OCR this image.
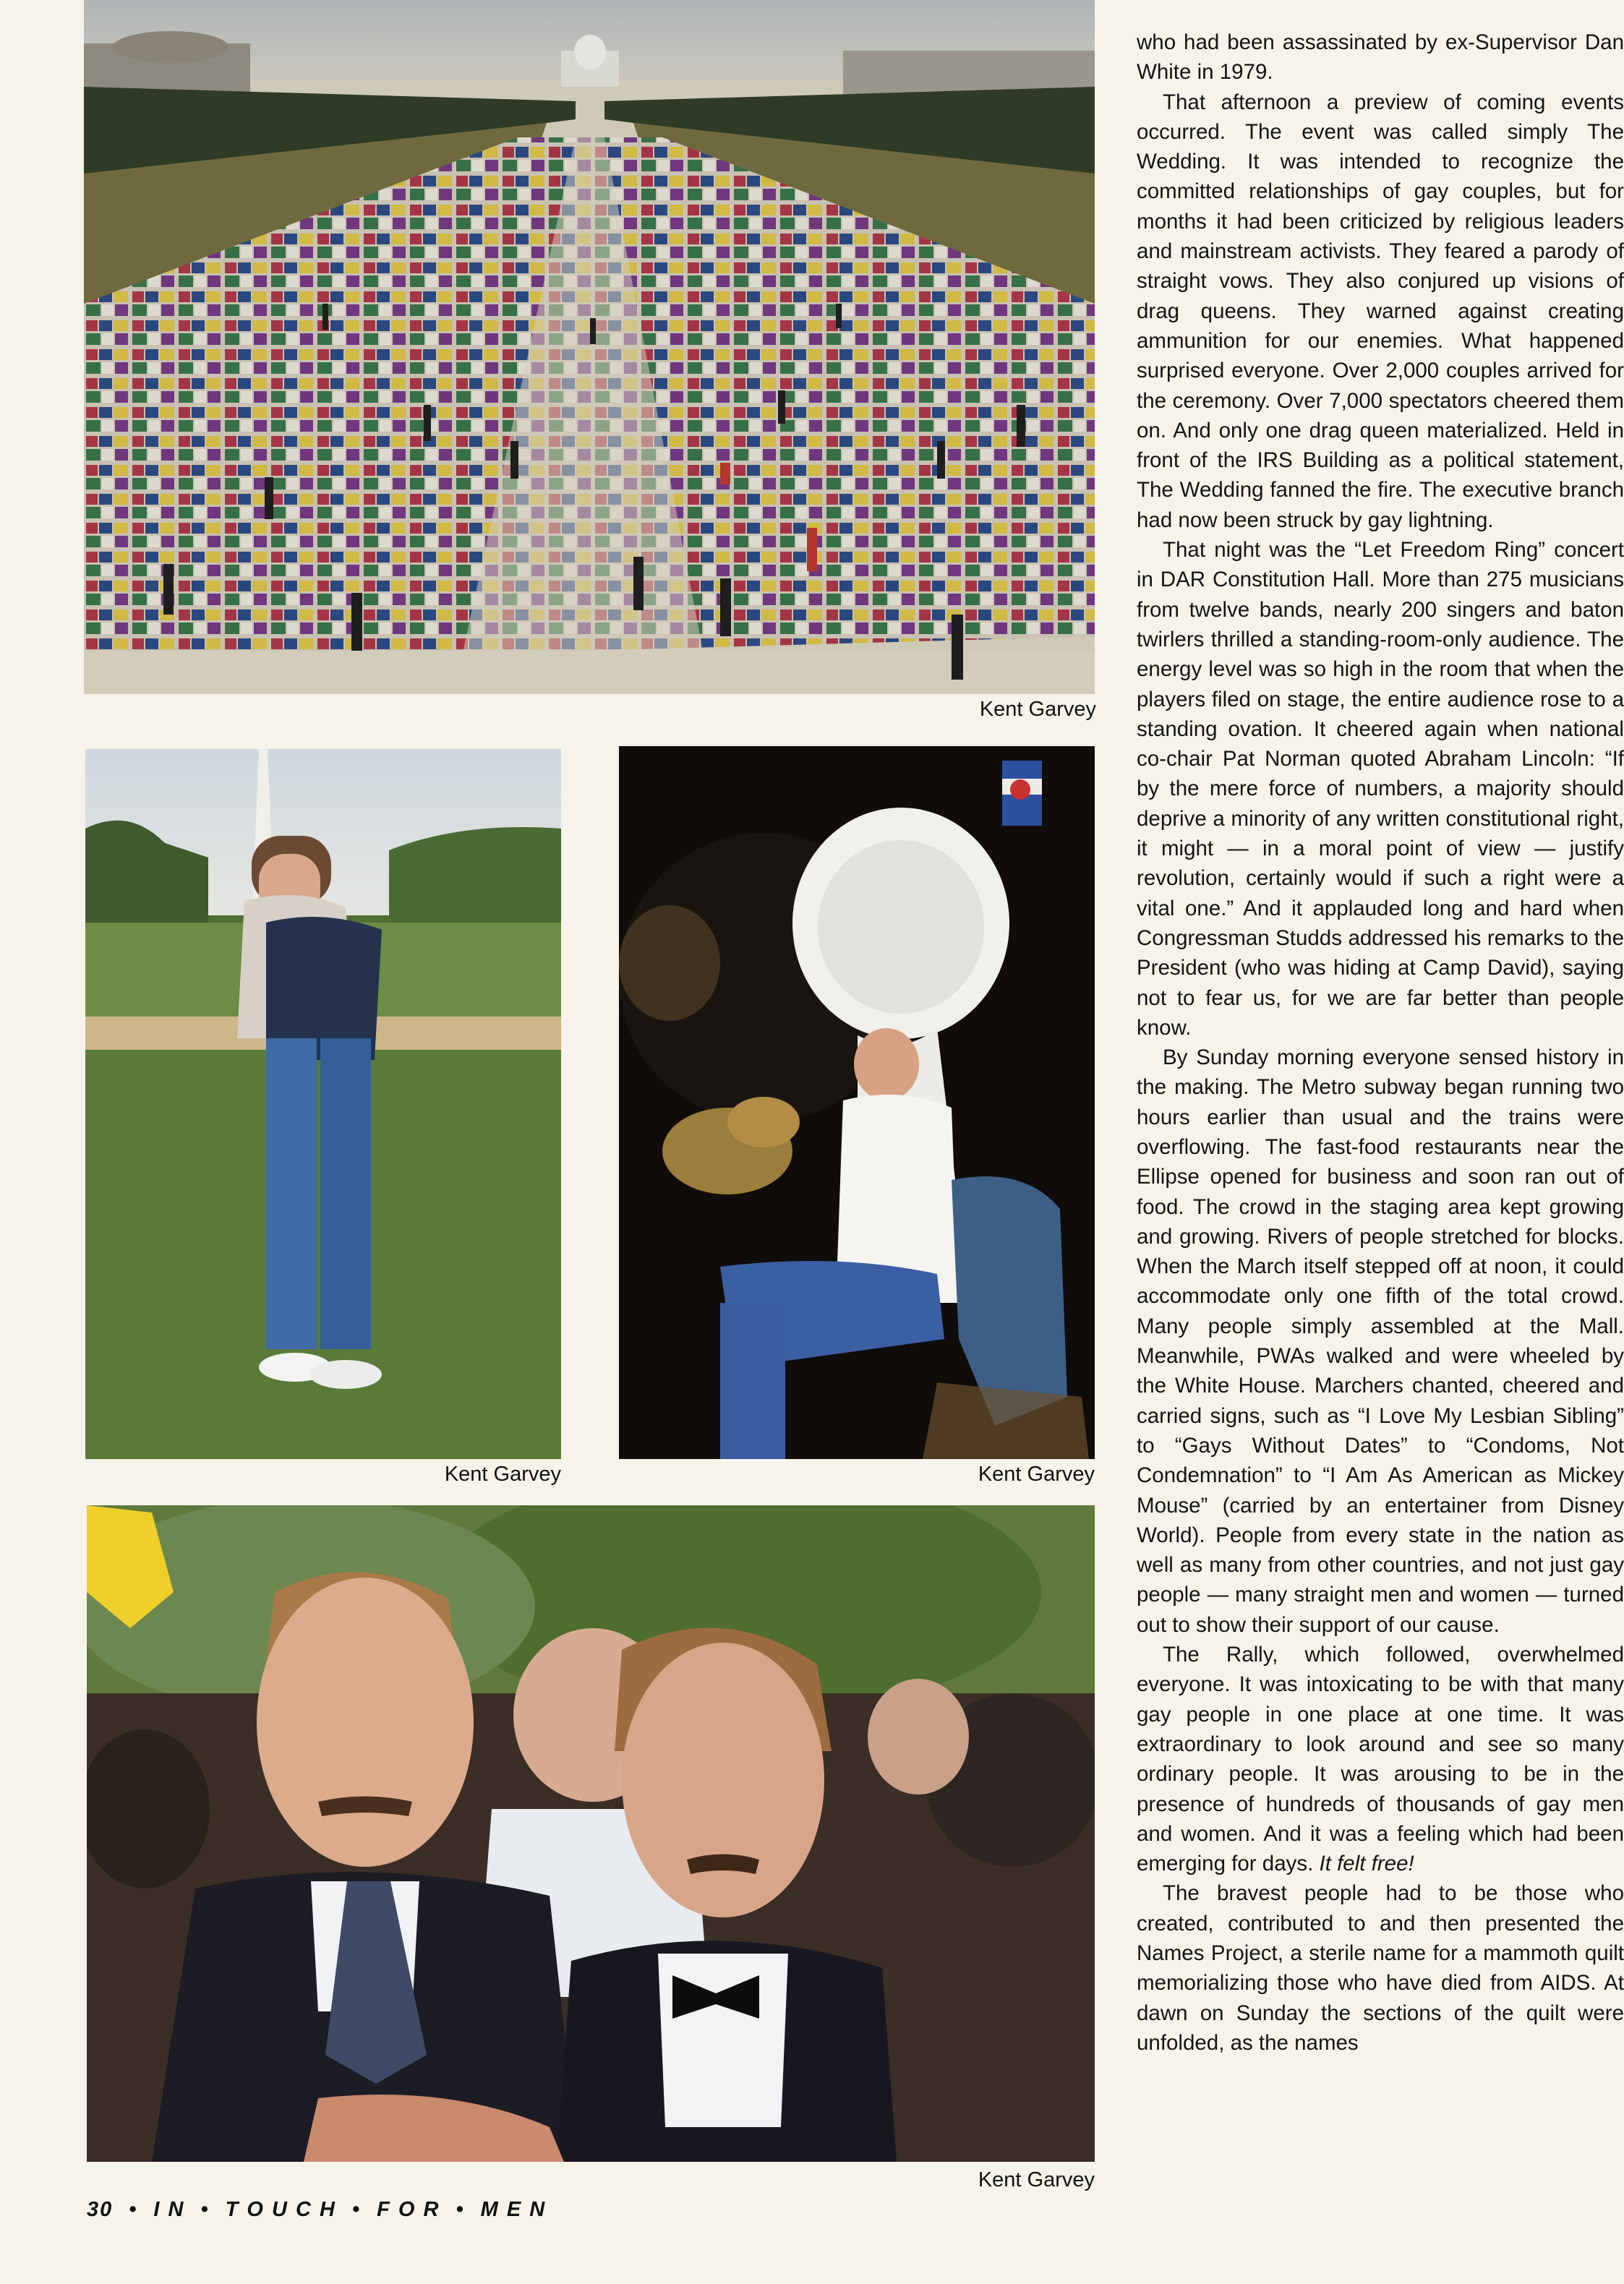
Kent Garvey
Kent Garvey	Kent Garvey
Kent Garvey

who had been assassinated by ex-Supervisor Dan White in 1979.

That afternoon a preview of coming events occurred. The event was called simply The Wedding. It was intended to recognize the committed relationships of gay couples, but for months it had been criticized by religious leaders and mainstream activists. They feared a parody of straight vows. They also conjured up visions of drag queens. They warned against creating ammunition for our enemies. What happened surprised everyone. Over 2,000 couples arrived for the ceremony. Over 7,000 spectators cheered them on. And only one drag queen materialized. Held in front of the IRS Building as a political statement, The Wedding fanned the fire. The executive branch had now been struck by gay lightning.

That night was the “Let Freedom Ring” concert in DAR Constitution Hall. More than 275 musicians from twelve bands, nearly 200 singers and baton twirlers thrilled a standing-room-only audience. The energy level was so high in the room that when the players filed on stage, the entire audience rose to a standing ovation. It cheered again when national co-chair Pat Norman quoted Abraham Lincoln: “If by the mere force of numbers, a majority should deprive a minority of any written constitutional right, it might — in a moral point of view — justify revolution, certainly would if such a right were a vital one.” And it applauded long and hard when Congressman Studds addressed his remarks to the President (who was hiding at Camp David), saying not to fear us, for we are far better than people know.

By Sunday morning everyone sensed history in the making. The Metro subway began running two hours earlier than usual and the trains were overflowing. The fast-food restaurants near the Ellipse opened for business and soon ran out of food. The crowd in the staging area kept growing and growing. Rivers of people stretched for blocks. When the March itself stepped off at noon, it could accommodate only one fifth of the total crowd. Many people simply assembled at the Mall. Meanwhile, PWAs walked and were wheeled by the White House. Marchers chanted, cheered and carried signs, such as “I Love My Lesbian Sibling” to “Gays Without Dates” to “Condoms, Not Condemnation” to “I Am As American as Mickey Mouse” (carried by an entertainer from Disney World). People from every state in the nation as well as many from other countries, and not just gay people — many straight men and women — turned out to show their support of our cause.

The Rally, which followed, overwhelmed everyone. It was intoxicating to be with that many gay people in one place at one time. It was extraordinary to look around and see so many ordinary people. It was arousing to be in the presence of hundreds of thousands of gay men and women. And it was a feeling which had been emerging for days. It felt free!

The bravest people had to be those who created, contributed to and then presented the Names Project, a sterile name for a mammoth quilt memorializing those who have died from AIDS. At dawn on Sunday the sections of the quilt were unfolded, as the names

30 • I N • T O U C H • F O R • M E N
